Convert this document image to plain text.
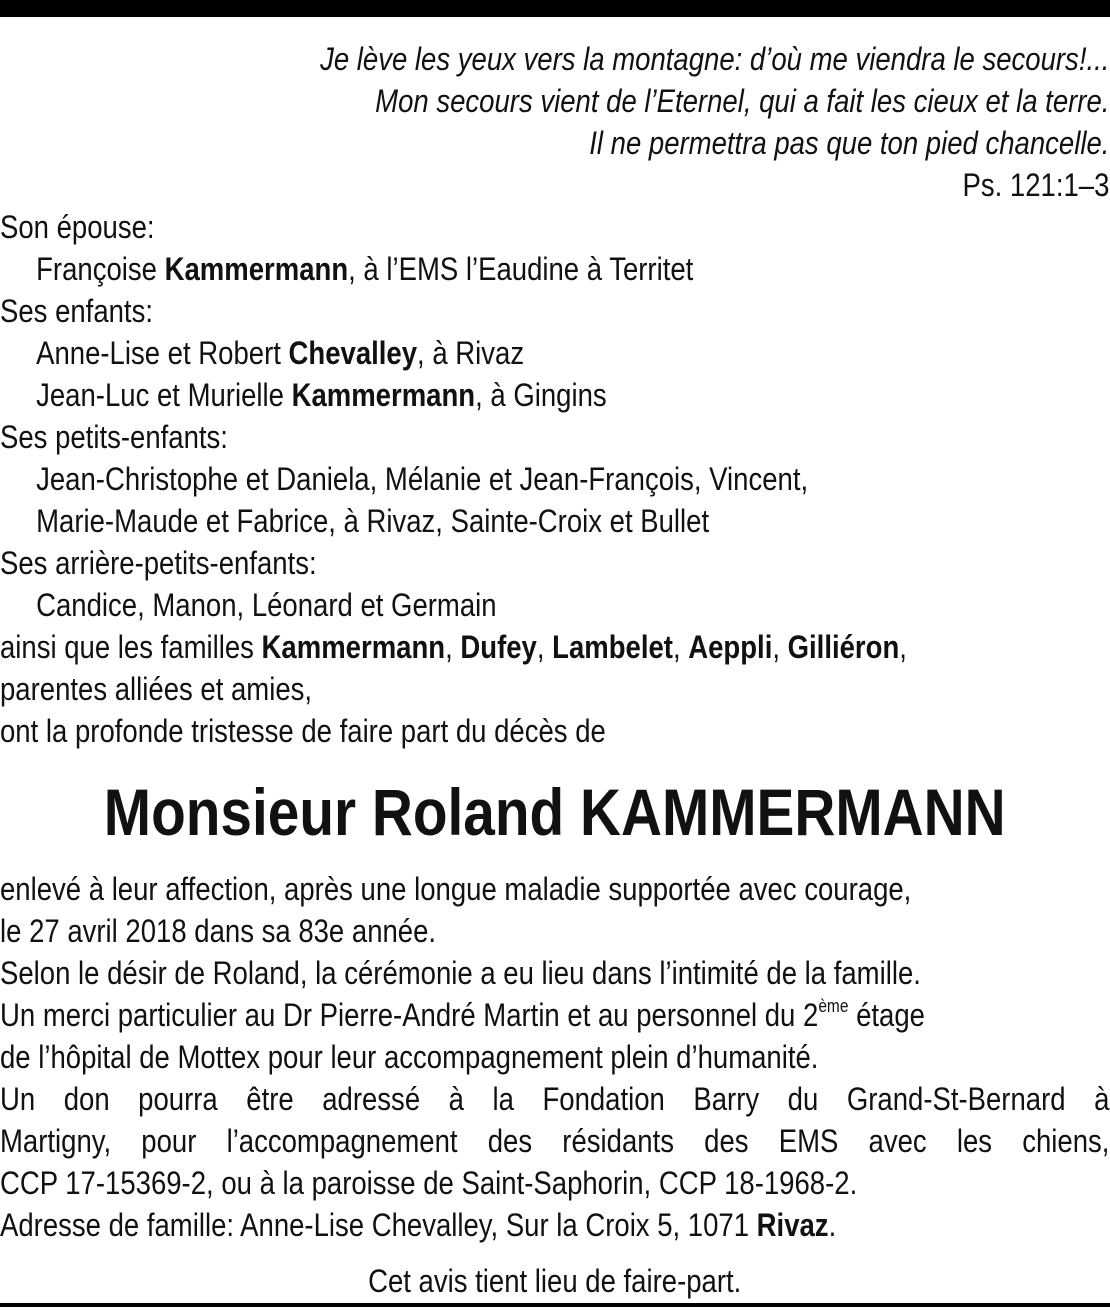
Je lève les yeux vers la montagne: d’où me viendra le secours!...
Mon secours vient de l’Eternel, qui a fait les cieux et la terre.
Il ne permettra pas que ton pied chancelle.
Ps. 121:1–3
Son épouse:
Françoise Kammermann, à l’EMS l’Eaudine à Territet
Ses enfants:
Anne-Lise et Robert Chevalley, à Rivaz
Jean-Luc et Murielle Kammermann, à Gingins
Ses petits-enfants:
Jean-Christophe et Daniela, Mélanie et Jean-François, Vincent,
Marie-Maude et Fabrice, à Rivaz, Sainte-Croix et Bullet
Ses arrière-petits-enfants:
Candice, Manon, Léonard et Germain
ainsi que les familles Kammermann, Dufey, Lambelet, Aeppli, Gilliéron,
parentes alliées et amies,
ont la profonde tristesse de faire part du décès de
Monsieur Roland KAMMERMANN
enlevé à leur affection, après une longue maladie supportée avec courage,
le 27 avril 2018 dans sa 83e année.
Selon le désir de Roland, la cérémonie a eu lieu dans l’intimité de la famille.
Un merci particulier au Dr Pierre-André Martin et au personnel du 2ème étage
de l’hôpital de Mottex pour leur accompagnement plein d’humanité.
Un don pourra être adressé à la Fondation Barry du Grand-St-Bernard à
Martigny, pour l’accompagnement des résidants des EMS avec les chiens,
CCP 17-15369-2, ou à la paroisse de Saint-Saphorin, CCP 18-1968-2.
Adresse de famille: Anne-Lise Chevalley, Sur la Croix 5, 1071 Rivaz.
Cet avis tient lieu de faire-part.
